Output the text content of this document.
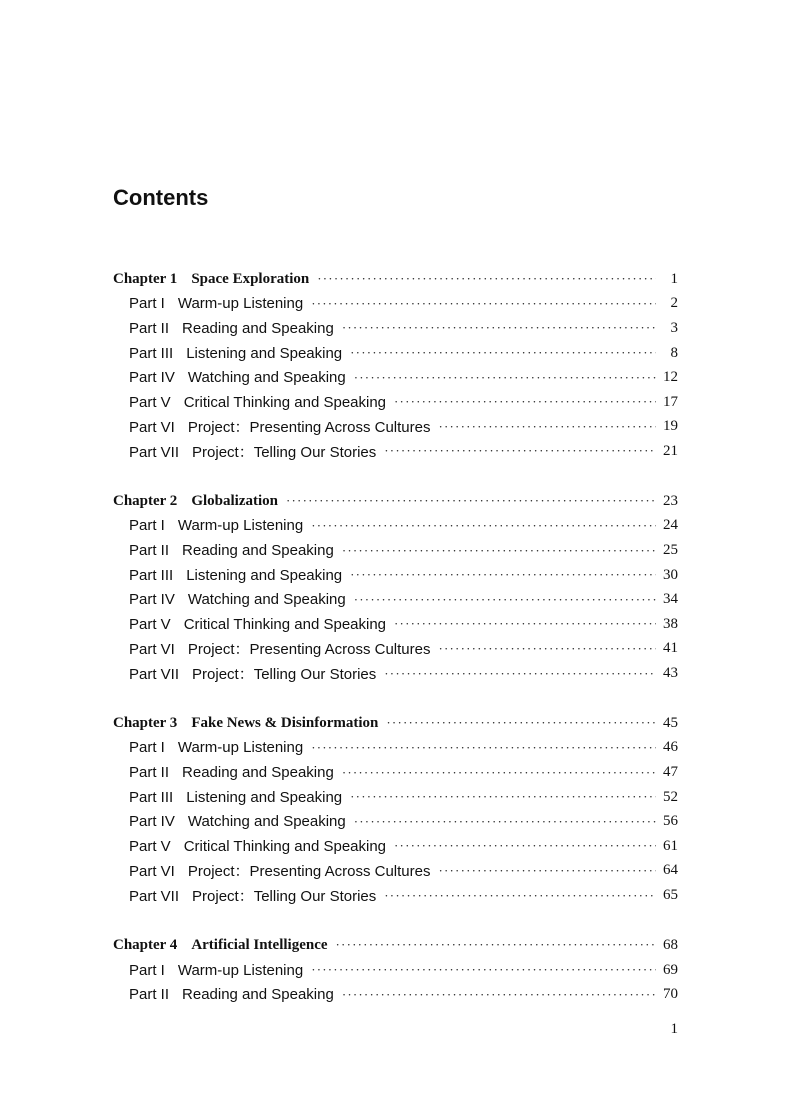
Contents
Chapter 1 Space Exploration ·····	1
Part I Warm-up Listening ·····	2
Part II Reading and Speaking ·····	3
Part III Listening and Speaking ·····	8
Part IV Watching and Speaking ·····	12
Part V Critical Thinking and Speaking ·····	17
Part VI Project：Presenting Across Cultures ·····	19
Part VII Project：Telling Our Stories ·····	21
Chapter 2 Globalization ·····	23
Part I Warm-up Listening ·····	24
Part II Reading and Speaking ·····	25
Part III Listening and Speaking ·····	30
Part IV Watching and Speaking ·····	34
Part V Critical Thinking and Speaking ·····	38
Part VI Project：Presenting Across Cultures ·····	41
Part VII Project：Telling Our Stories ·····	43
Chapter 3 Fake News & Disinformation ·····	45
Part I Warm-up Listening ·····	46
Part II Reading and Speaking ·····	47
Part III Listening and Speaking ·····	52
Part IV Watching and Speaking ·····	56
Part V Critical Thinking and Speaking ·····	61
Part VI Project：Presenting Across Cultures ·····	64
Part VII Project：Telling Our Stories ·····	65
Chapter 4 Artificial Intelligence ·····	68
Part I Warm-up Listening ·····	69
Part II Reading and Speaking ·····	70
1
